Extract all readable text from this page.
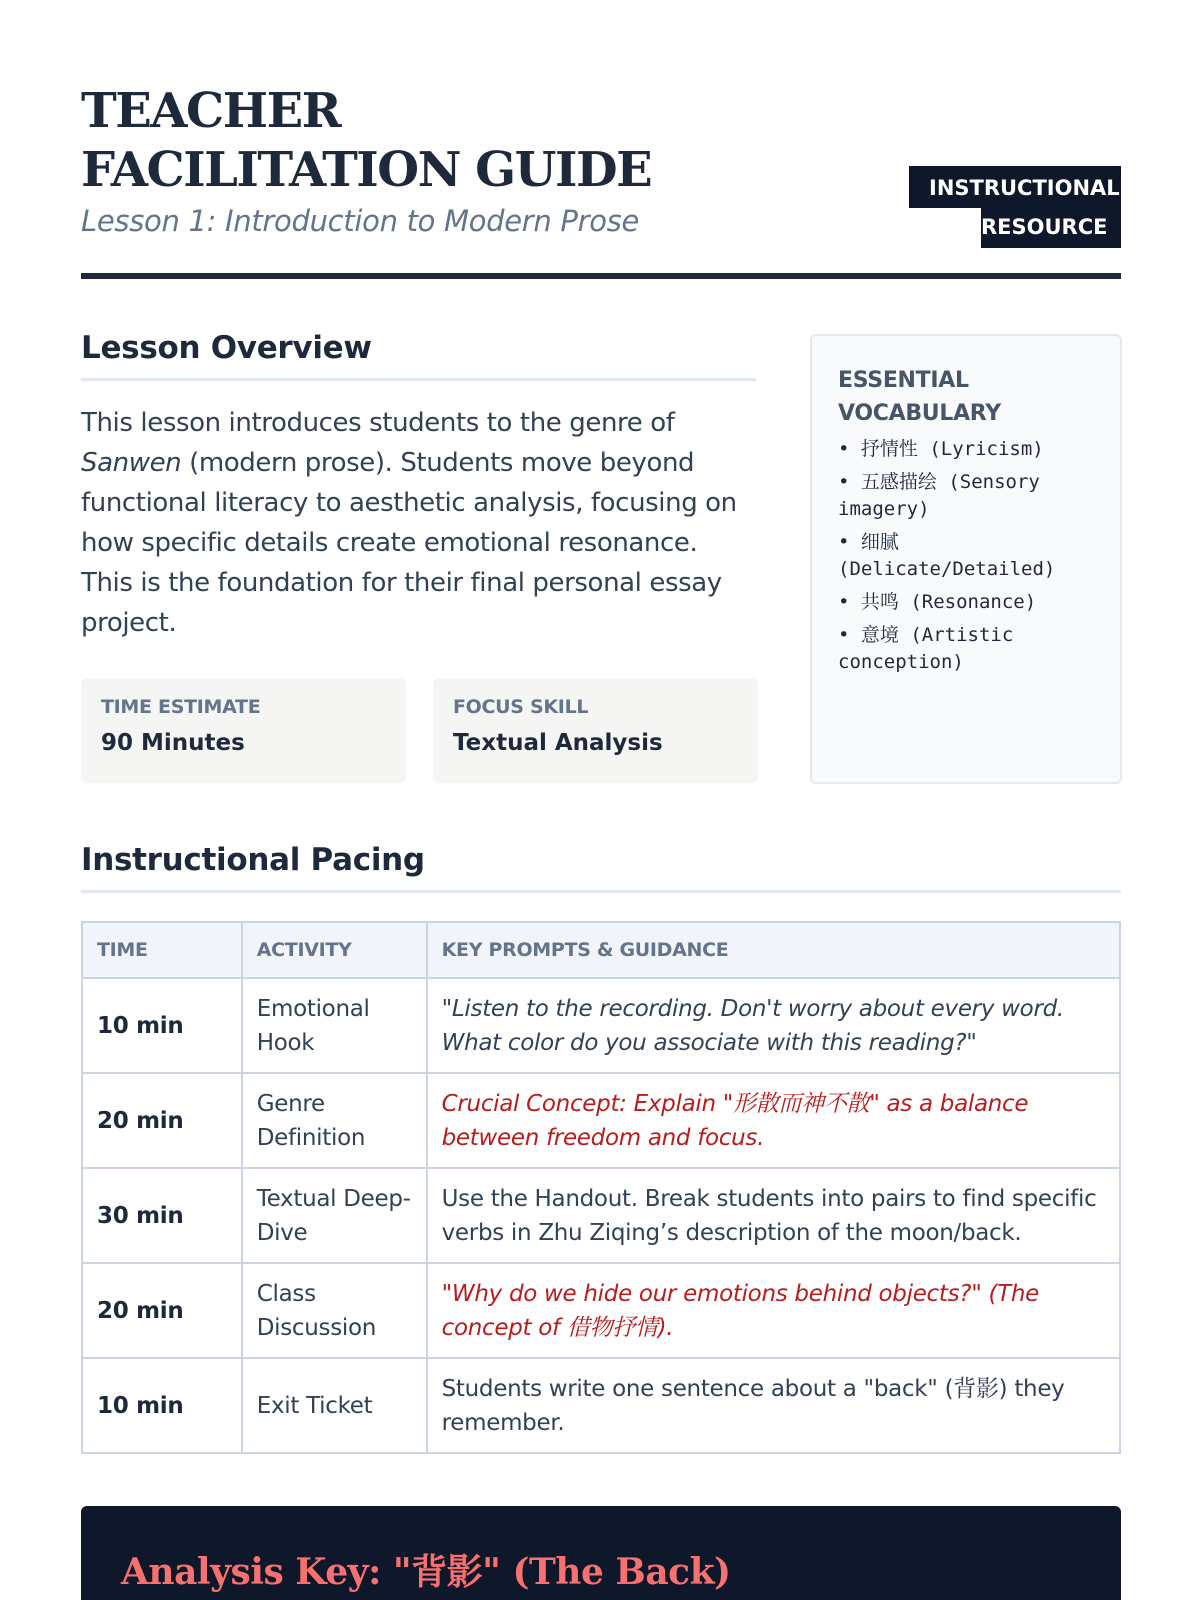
TEACHER FACILITATION GUIDE
Lesson 1: Introduction to Modern Prose
INSTRUCTIONAL
RESOURCE
Lesson Overview

This lesson introduces students to the genre of Sanwen (modern prose). Students move beyond functional literacy to aesthetic analysis, focusing on how specific details create emotional resonance. This is the foundation for their final personal essay project.

TIME ESTIMATE
90 Minutes
FOCUS SKILL
Textual Analysis
ESSENTIAL VOCABULARY
• 抒情性 (Lyricism)
• 五感描绘 (Sensory imagery)
• 细腻 (Delicate/Detailed)
• 共鸣 (Resonance)
• 意境 (Artistic conception)
Instructional Pacing
TIME	ACTIVITY	KEY PROMPTS & GUIDANCE
10 min	Emotional Hook	"Listen to the recording. Don't worry about every word. What color do you associate with this reading?"
20 min	Genre Definition	Crucial Concept: Explain "形散而神不散" as a balance between freedom and focus.
30 min	Textual Deep-Dive	Use the Handout. Break students into pairs to find specific verbs in Zhu Ziqing’s description of the moon/back.
20 min	Class Discussion	"Why do we hide our emotions behind objects?" (The concept of 借物抒情).
10 min	Exit Ticket	Students write one sentence about a "back" (背影) they remember.
Analysis Key: "背影" (The Back)
